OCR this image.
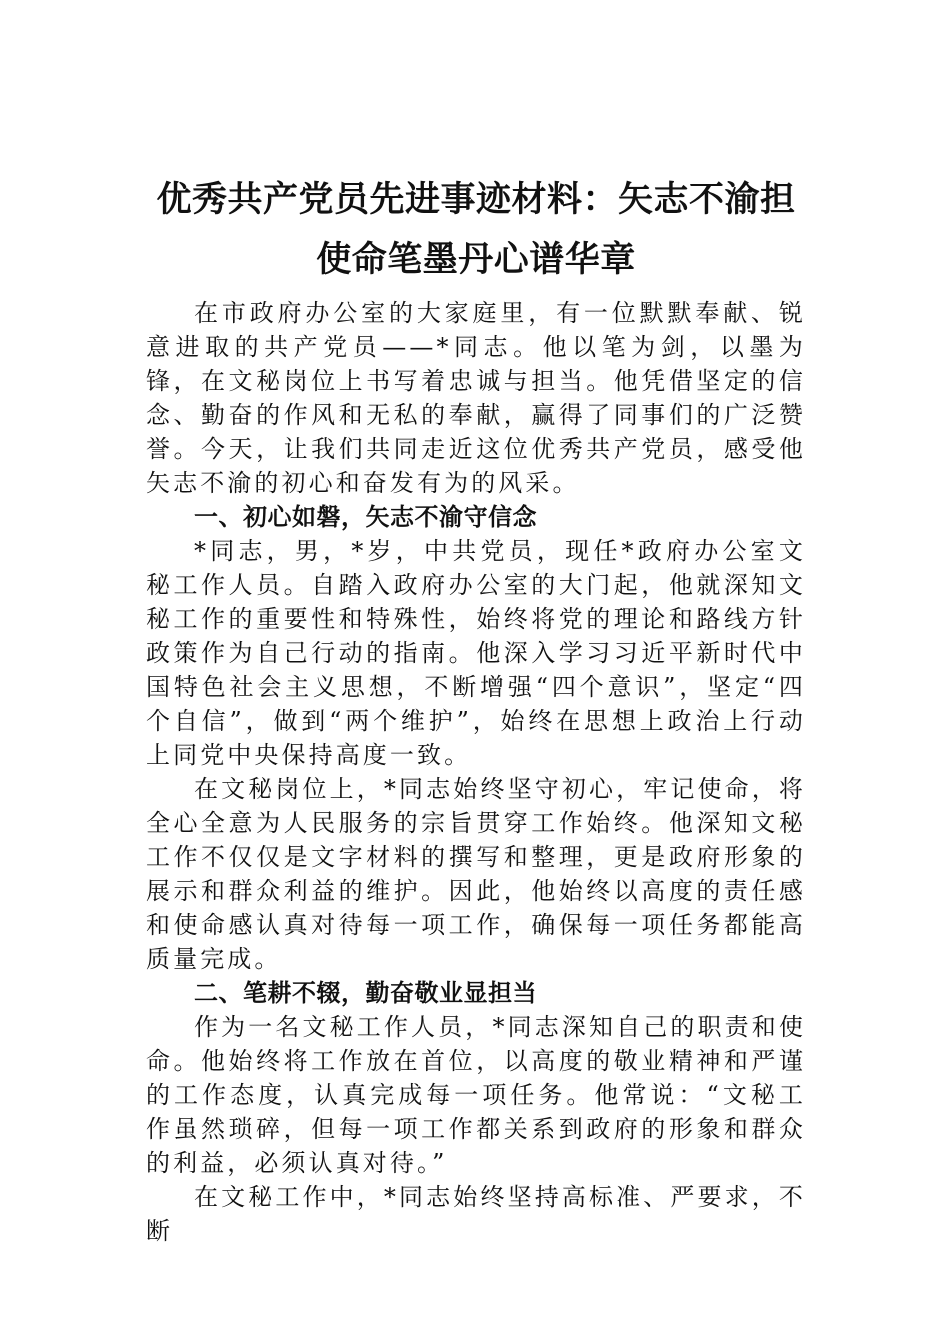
优秀共产党员先进事迹材料：矢志不渝担
使命笔墨丹心谱华章

在市政府办公室的大家庭里，有一位默默奉献、锐意进取的共产党员——*同志。他以笔为剑，以墨为锋，在文秘岗位上书写着忠诚与担当。他凭借坚定的信念、勤奋的作风和无私的奉献，赢得了同事们的广泛赞誉。今天，让我们共同走近这位优秀共产党员，感受他矢志不渝的初心和奋发有为的风采。

一、初心如磐，矢志不渝守信念

*同志，男，*岁，中共党员，现任*政府办公室文秘工作人员。自踏入政府办公室的大门起，他就深知文秘工作的重要性和特殊性，始终将党的理论和路线方针政策作为自己行动的指南。他深入学习习近平新时代中国特色社会主义思想，不断增强“四个意识”，坚定“四个自信”，做到“两个维护”，始终在思想上政治上行动上同党中央保持高度一致。

在文秘岗位上，*同志始终坚守初心，牢记使命，将全心全意为人民服务的宗旨贯穿工作始终。他深知文秘工作不仅仅是文字材料的撰写和整理，更是政府形象的展示和群众利益的维护。因此，他始终以高度的责任感和使命感认真对待每一项工作，确保每一项任务都能高质量完成。

二、笔耕不辍，勤奋敬业显担当

作为一名文秘工作人员，*同志深知自己的职责和使命。他始终将工作放在首位，以高度的敬业精神和严谨的工作态度，认真完成每一项任务。他常说：“文秘工作虽然琐碎，但每一项工作都关系到政府的形象和群众的利益，必须认真对待。”

在文秘工作中，*同志始终坚持高标准、严要求，不断
